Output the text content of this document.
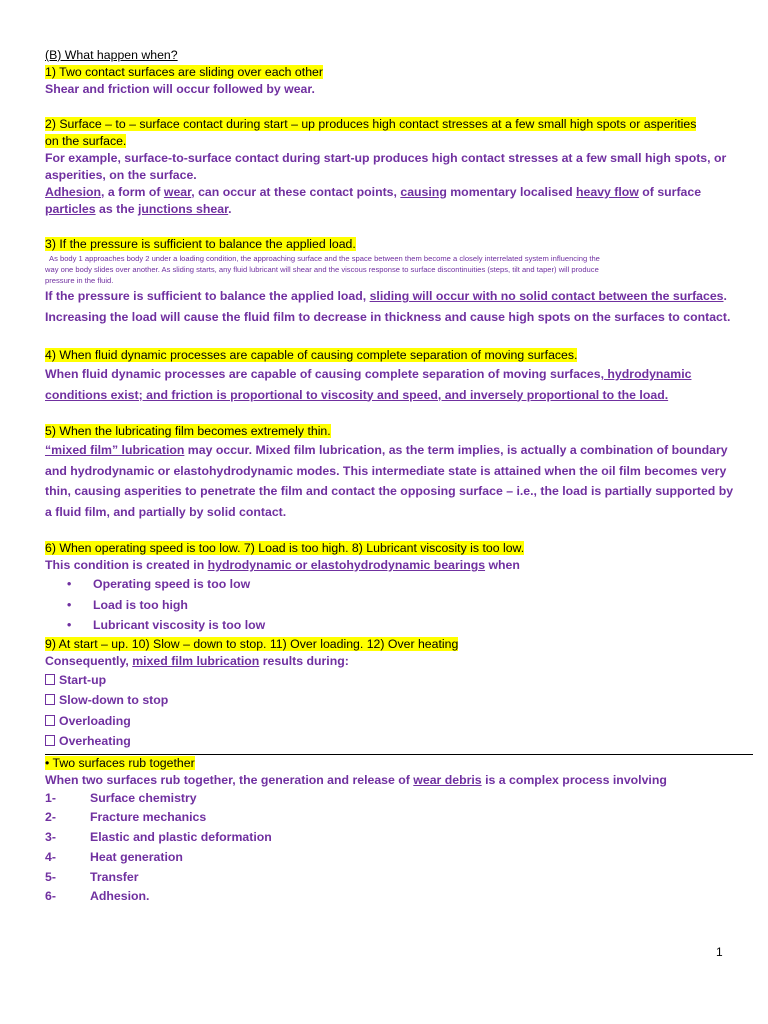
(B) What happen when?

1) Two contact surfaces are sliding over each other

Shear and friction will occur followed by wear.

2) Surface – to – surface contact during start – up produces high contact stresses at a few small high spots or asperities

on the surface.

For example, surface-to-surface contact during start-up produces high contact stresses at a few small high spots, or

asperities, on the surface.

Adhesion, a form of wear, can occur at these contact points, causing momentary localised heavy flow of surface

particles as the junctions shear.

3) If the pressure is sufficient to balance the applied load.

As body 1 approaches body 2 under a loading condition, the approaching surface and the space between them become a closely interrelated system influencing the

way one body slides over another. As sliding starts, any fluid lubricant will shear and the viscous response to surface discontinuities (steps, tilt and taper) will produce

pressure in the fluid.

If the pressure is sufficient to balance the applied load, sliding will occur with no solid contact between the surfaces.

Increasing the load will cause the fluid film to decrease in thickness and cause high spots on the surfaces to contact.

4) When fluid dynamic processes are capable of causing complete separation of moving surfaces.

When fluid dynamic processes are capable of causing complete separation of moving surfaces, hydrodynamic

conditions exist; and friction is proportional to viscosity and speed, and inversely proportional to the load.

5) When the lubricating film becomes extremely thin.

“mixed film” lubrication may occur. Mixed film lubrication, as the term implies, is actually a combination of boundary

and hydrodynamic or elastohydrodynamic modes. This intermediate state is attained when the oil film becomes very

thin, causing asperities to penetrate the film and contact the opposing surface – i.e., the load is partially supported by

a fluid film, and partially by solid contact.

6) When operating speed is too low. 7) Load is too high. 8) Lubricant viscosity is too low.

This condition is created in hydrodynamic or elastohydrodynamic bearings when

• Operating speed is too low

• Load is too high

• Lubricant viscosity is too low

9) At start – up. 10) Slow – down to stop. 11) Over loading. 12) Over heating

Consequently, mixed film lubrication results during:

Start-up

Slow-down to stop

Overloading

Overheating

• Two surfaces rub together

When two surfaces rub together, the generation and release of wear debris is a complex process involving

1-	Surface chemistry

2-	Fracture mechanics

3-	Elastic and plastic deformation

4-	Heat generation

5-	Transfer

6-	Adhesion.

1
